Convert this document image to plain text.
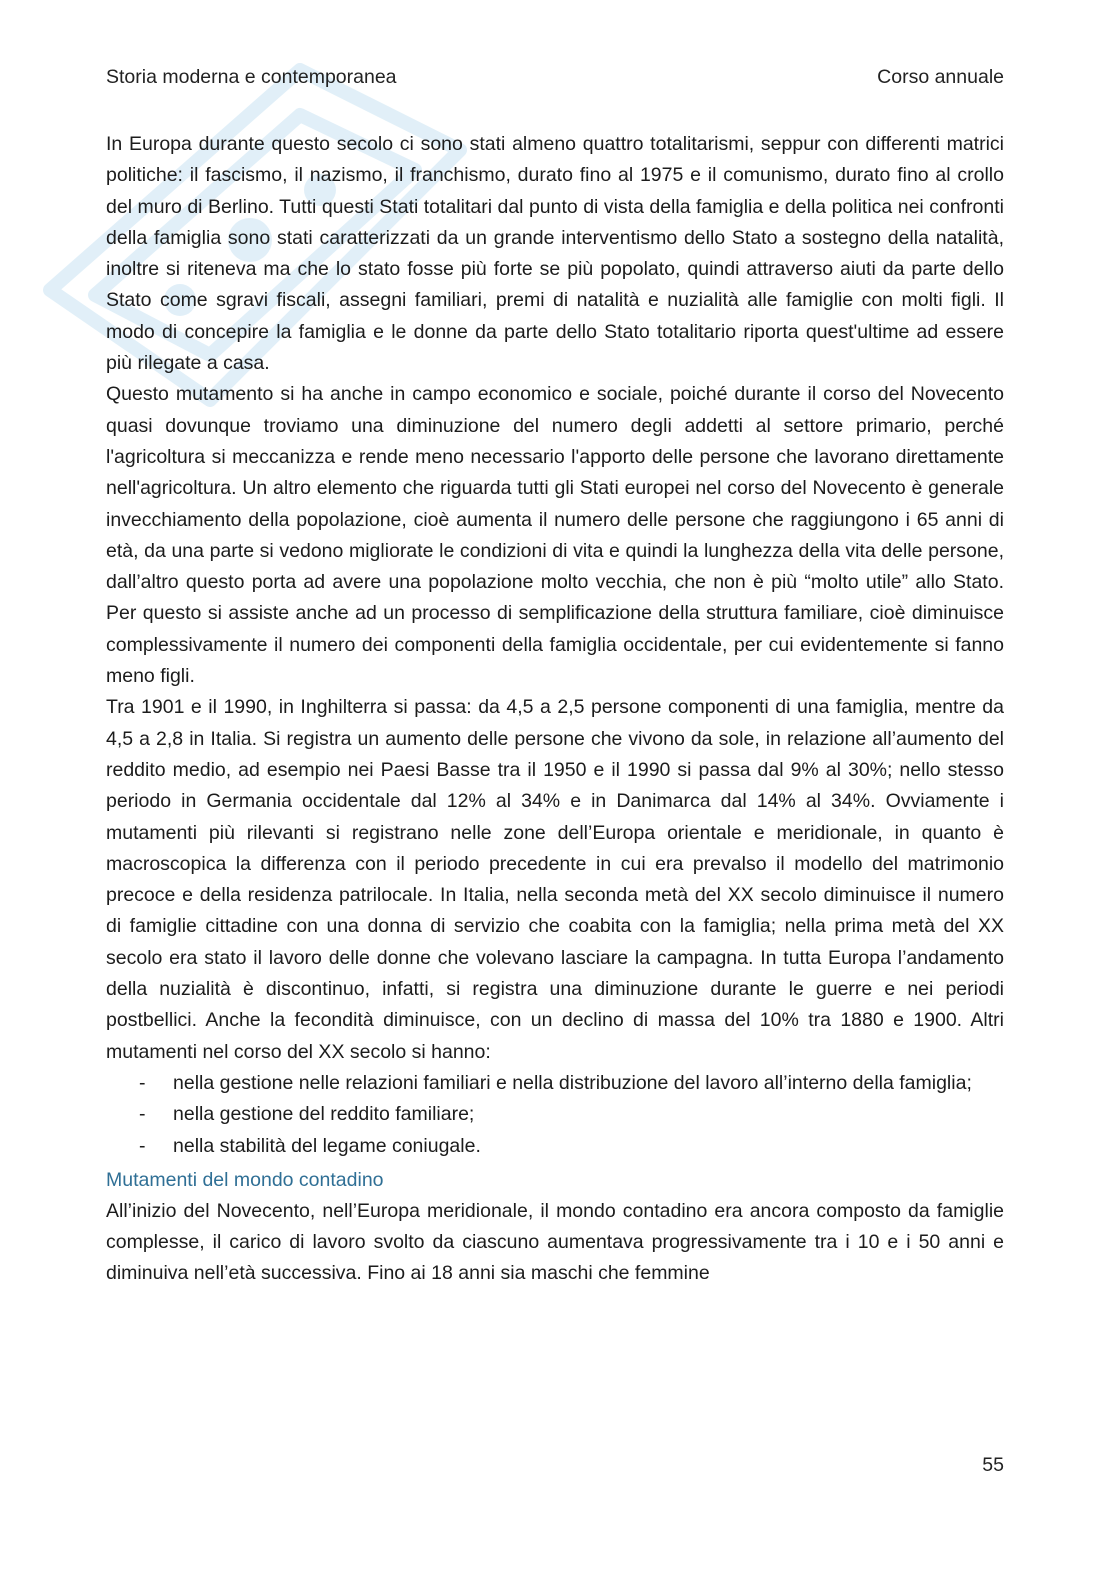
Storia moderna e contemporanea	Corso annuale

In Europa durante questo secolo ci sono stati almeno quattro totalitarismi, seppur con differenti matrici politiche: il fascismo, il nazismo, il franchismo, durato fino al 1975 e il comunismo, durato fino al crollo del muro di Berlino. Tutti questi Stati totalitari dal punto di vista della famiglia e della politica nei confronti della famiglia sono stati caratterizzati da un grande interventismo dello Stato a sostegno della natalità, inoltre si riteneva ma che lo stato fosse più forte se più popolato, quindi attraverso aiuti da parte dello Stato come sgravi fiscali, assegni familiari, premi di natalità e nuzialità alle famiglie con molti figli. Il modo di concepire la famiglia e le donne da parte dello Stato totalitario riporta quest'ultime ad essere più rilegate a casa.

Questo mutamento si ha anche in campo economico e sociale, poiché durante il corso del Novecento quasi dovunque troviamo una diminuzione del numero degli addetti al settore primario, perché l'agricoltura si meccanizza e rende meno necessario l'apporto delle persone che lavorano direttamente nell'agricoltura. Un altro elemento che riguarda tutti gli Stati europei nel corso del Novecento è generale invecchiamento della popolazione, cioè aumenta il numero delle persone che raggiungono i 65 anni di età, da una parte si vedono migliorate le condizioni di vita e quindi la lunghezza della vita delle persone, dall’altro questo porta ad avere una popolazione molto vecchia, che non è più “molto utile” allo Stato. Per questo si assiste anche ad un processo di semplificazione della struttura familiare, cioè diminuisce complessivamente il numero dei componenti della famiglia occidentale, per cui evidentemente si fanno meno figli.

Tra 1901 e il 1990, in Inghilterra si passa: da 4,5 a 2,5 persone componenti di una famiglia, mentre da 4,5 a 2,8 in Italia. Si registra un aumento delle persone che vivono da sole, in relazione all’aumento del reddito medio, ad esempio nei Paesi Basse tra il 1950 e il 1990 si passa dal 9% al 30%; nello stesso periodo in Germania occidentale dal 12% al 34% e in Danimarca dal 14% al 34%. Ovviamente i mutamenti più rilevanti si registrano nelle zone dell’Europa orientale e meridionale, in quanto è macroscopica la differenza con il periodo precedente in cui era prevalso il modello del matrimonio precoce e della residenza patrilocale. In Italia, nella seconda metà del XX secolo diminuisce il numero di famiglie cittadine con una donna di servizio che coabita con la famiglia; nella prima metà del XX secolo era stato il lavoro delle donne che volevano lasciare la campagna. In tutta Europa l’andamento della nuzialità è discontinuo, infatti, si registra una diminuzione durante le guerre e nei periodi postbellici. Anche la fecondità diminuisce, con un declino di massa del 10% tra 1880 e 1900. Altri mutamenti nel corso del XX secolo si hanno:

- nella gestione nelle relazioni familiari e nella distribuzione del lavoro all’interno della famiglia;
- nella gestione del reddito familiare;
- nella stabilità del legame coniugale.
Mutamenti del mondo contadino

All’inizio del Novecento, nell’Europa meridionale, il mondo contadino era ancora composto da famiglie complesse, il carico di lavoro svolto da ciascuno aumentava progressivamente tra i 10 e i 50 anni e diminuiva nell’età successiva. Fino ai 18 anni sia maschi che femmine

55
